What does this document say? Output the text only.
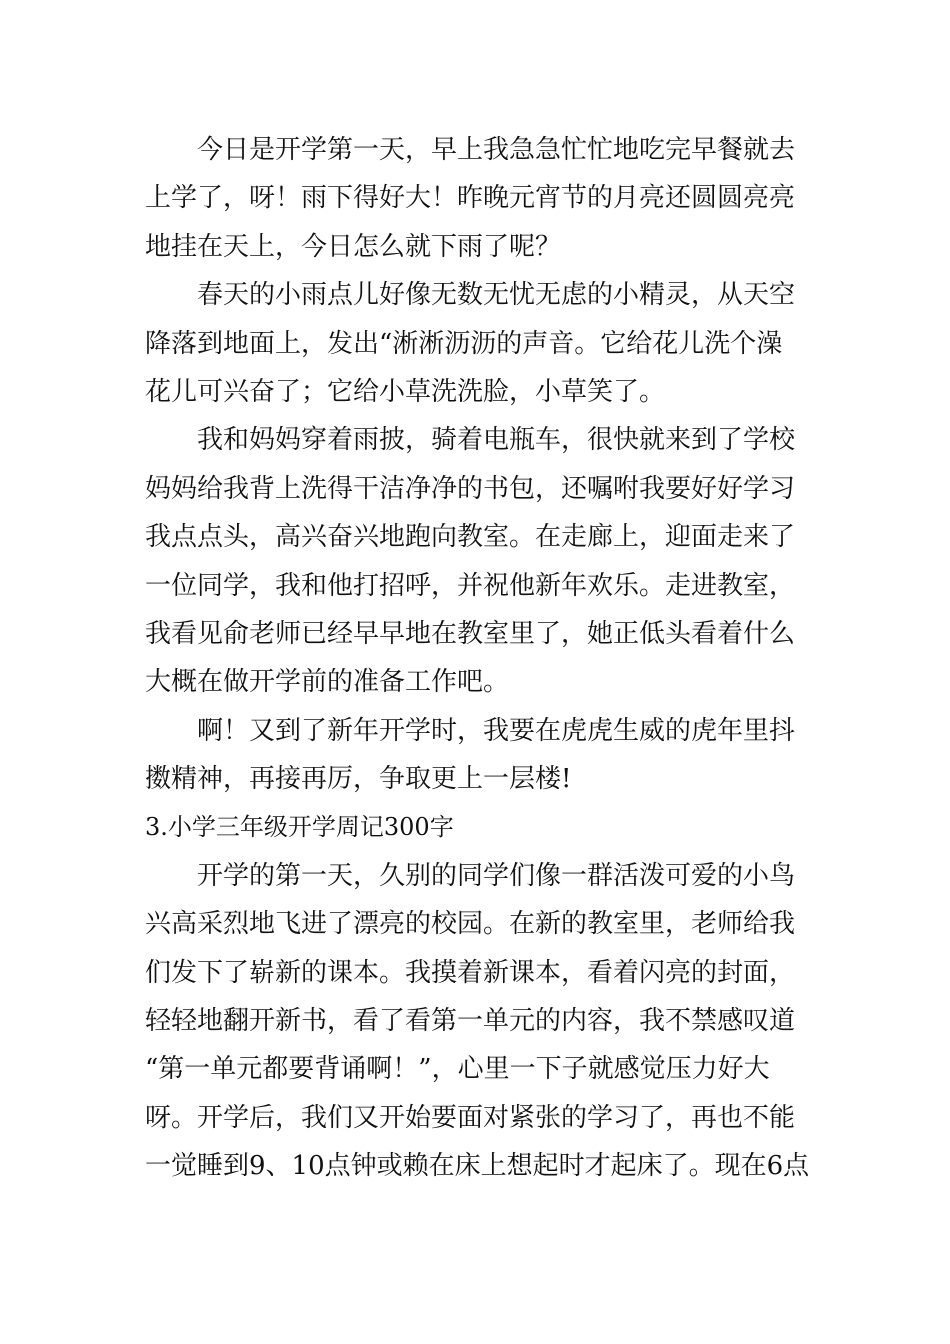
今日是开学第一天，早上我急急忙忙地吃完早餐就去
上学了，呀！雨下得好大！昨晚元宵节的月亮还圆圆亮亮
地挂在天上，今日怎么就下雨了呢？
春天的小雨点儿好像无数无忧无虑的小精灵，从天空
降落到地面上，发出“淅淅沥沥的声音。它给花儿洗个澡
花儿可兴奋了；它给小草洗洗脸，小草笑了。
我和妈妈穿着雨披，骑着电瓶车，很快就来到了学校
妈妈给我背上洗得干洁净净的书包，还嘱咐我要好好学习
我点点头，高兴奋兴地跑向教室。在走廊上，迎面走来了
一位同学，我和他打招呼，并祝他新年欢乐。走进教室，
我看见俞老师已经早早地在教室里了，她正低头看着什么
大概在做开学前的准备工作吧。
啊！又到了新年开学时，我要在虎虎生威的虎年里抖
擞精神，再接再厉，争取更上一层楼!
3.小学三年级开学周记300字
开学的第一天，久别的同学们像一群活泼可爱的小鸟
兴高采烈地飞进了漂亮的校园。在新的教室里，老师给我
们发下了崭新的课本。我摸着新课本，看着闪亮的封面，
轻轻地翻开新书，看了看第一单元的内容，我不禁感叹道
“第一单元都要背诵啊！”，心里一下子就感觉压力好大
呀。开学后，我们又开始要面对紧张的学习了，再也不能
一觉睡到9、10点钟或赖在床上想起时才起床了。现在6点
